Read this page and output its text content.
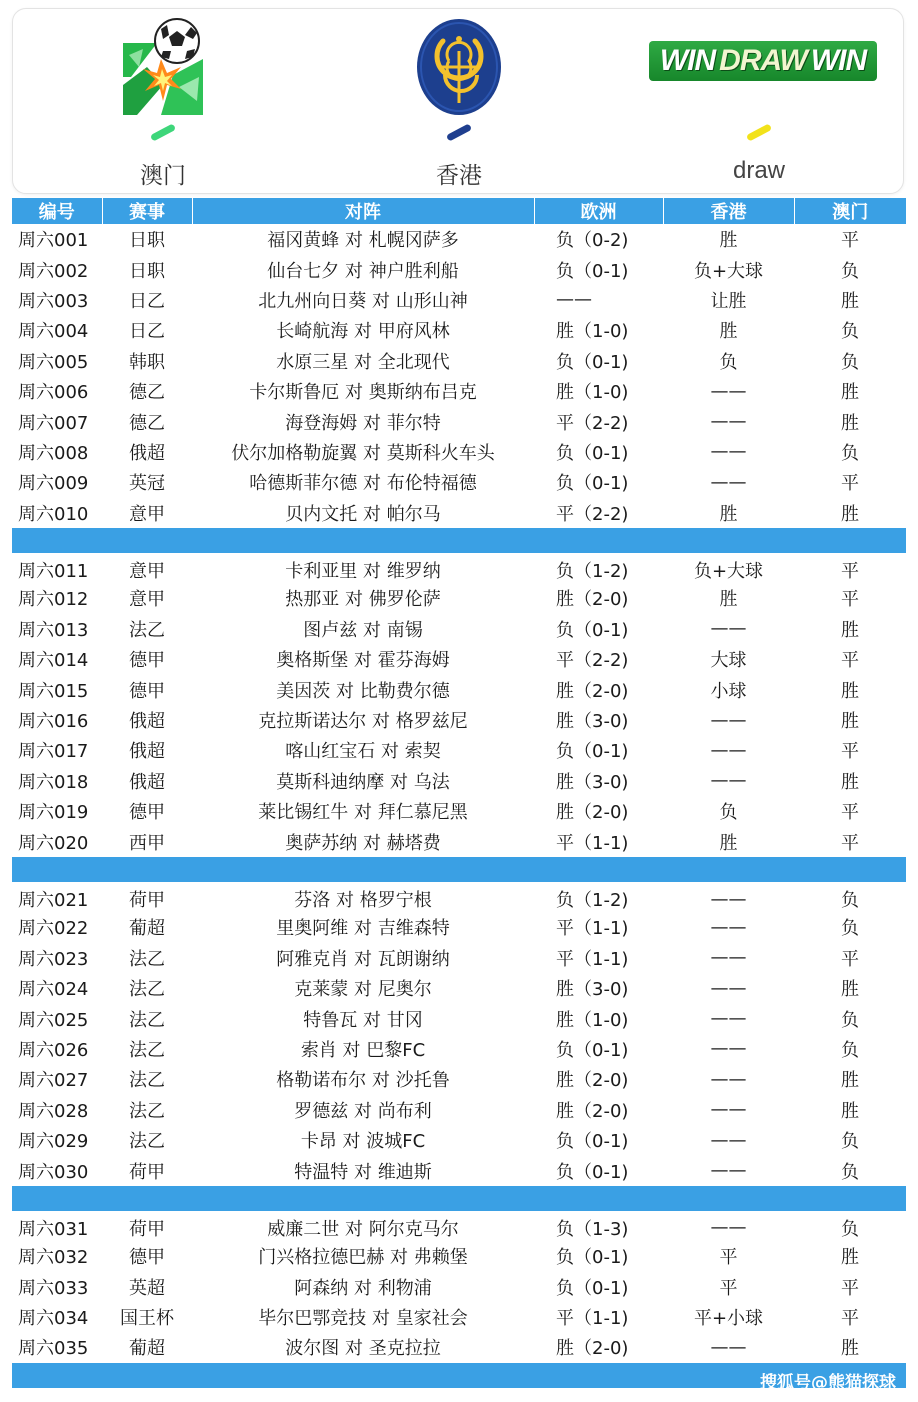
澳门	香港
WIN DRAW WIN
draw
编号	赛事	对阵	欧洲	香港	澳门
周六001	日职	福冈黄蜂 对 札幌冈萨多	负（0-2)	胜	平
周六002	日职	仙台七夕 对 神户胜利船	负（0-1)	负+大球	负
周六003	日乙	北九州向日葵 对 山形山神	——	让胜	胜
周六004	日乙	长崎航海 对 甲府风林	胜（1-0)	胜	负
周六005	韩职	水原三星 对 全北现代	负（0-1)	负	负
周六006	德乙	卡尔斯鲁厄 对 奥斯纳布吕克	胜（1-0)	——	胜
周六007	德乙	海登海姆 对 菲尔特	平（2-2)	——	胜
周六008	俄超	伏尔加格勒旋翼 对 莫斯科火车头	负（0-1)	——	负
周六009	英冠	哈德斯菲尔德 对 布伦特福德	负（0-1)	——	平
周六010	意甲	贝内文托 对 帕尔马	平（2-2)	胜	胜

周六011	意甲	卡利亚里 对 维罗纳	负（1-2)	负+大球	平
周六012	意甲	热那亚 对 佛罗伦萨	胜（2-0)	胜	平
周六013	法乙	图卢兹 对 南锡	负（0-1)	——	胜
周六014	德甲	奥格斯堡 对 霍芬海姆	平（2-2)	大球	平
周六015	德甲	美因茨 对 比勒费尔德	胜（2-0)	小球	胜
周六016	俄超	克拉斯诺达尔 对 格罗兹尼	胜（3-0)	——	胜
周六017	俄超	喀山红宝石 对 索契	负（0-1)	——	平
周六018	俄超	莫斯科迪纳摩 对 乌法	胜（3-0)	——	胜
周六019	德甲	莱比锡红牛 对 拜仁慕尼黑	胜（2-0)	负	平
周六020	西甲	奥萨苏纳 对 赫塔费	平（1-1)	胜	平

周六021	荷甲	芬洛 对 格罗宁根	负（1-2)	——	负
周六022	葡超	里奥阿维 对 吉维森特	平（1-1)	——	负
周六023	法乙	阿雅克肖 对 瓦朗谢纳	平（1-1)	——	平
周六024	法乙	克莱蒙 对 尼奥尔	胜（3-0)	——	胜
周六025	法乙	特鲁瓦 对 甘冈	胜（1-0)	——	负
周六026	法乙	索肖 对 巴黎FC	负（0-1)	——	负
周六027	法乙	格勒诺布尔 对 沙托鲁	胜（2-0)	——	胜
周六028	法乙	罗德兹 对 尚布利	胜（2-0)	——	胜
周六029	法乙	卡昂 对 波城FC	负（0-1)	——	负
周六030	荷甲	特温特 对 维迪斯	负（0-1)	——	负

周六031	荷甲	威廉二世 对 阿尔克马尔	负（1-3)	——	负
周六032	德甲	门兴格拉德巴赫 对 弗赖堡	负（0-1)	平	胜
周六033	英超	阿森纳 对 利物浦	负（0-1)	平	平
周六034	国王杯	毕尔巴鄂竞技 对 皇家社会	平（1-1)	平+小球	平
周六035	葡超	波尔图 对 圣克拉拉	胜（2-0)	——	胜

搜狐号@熊猫探球
